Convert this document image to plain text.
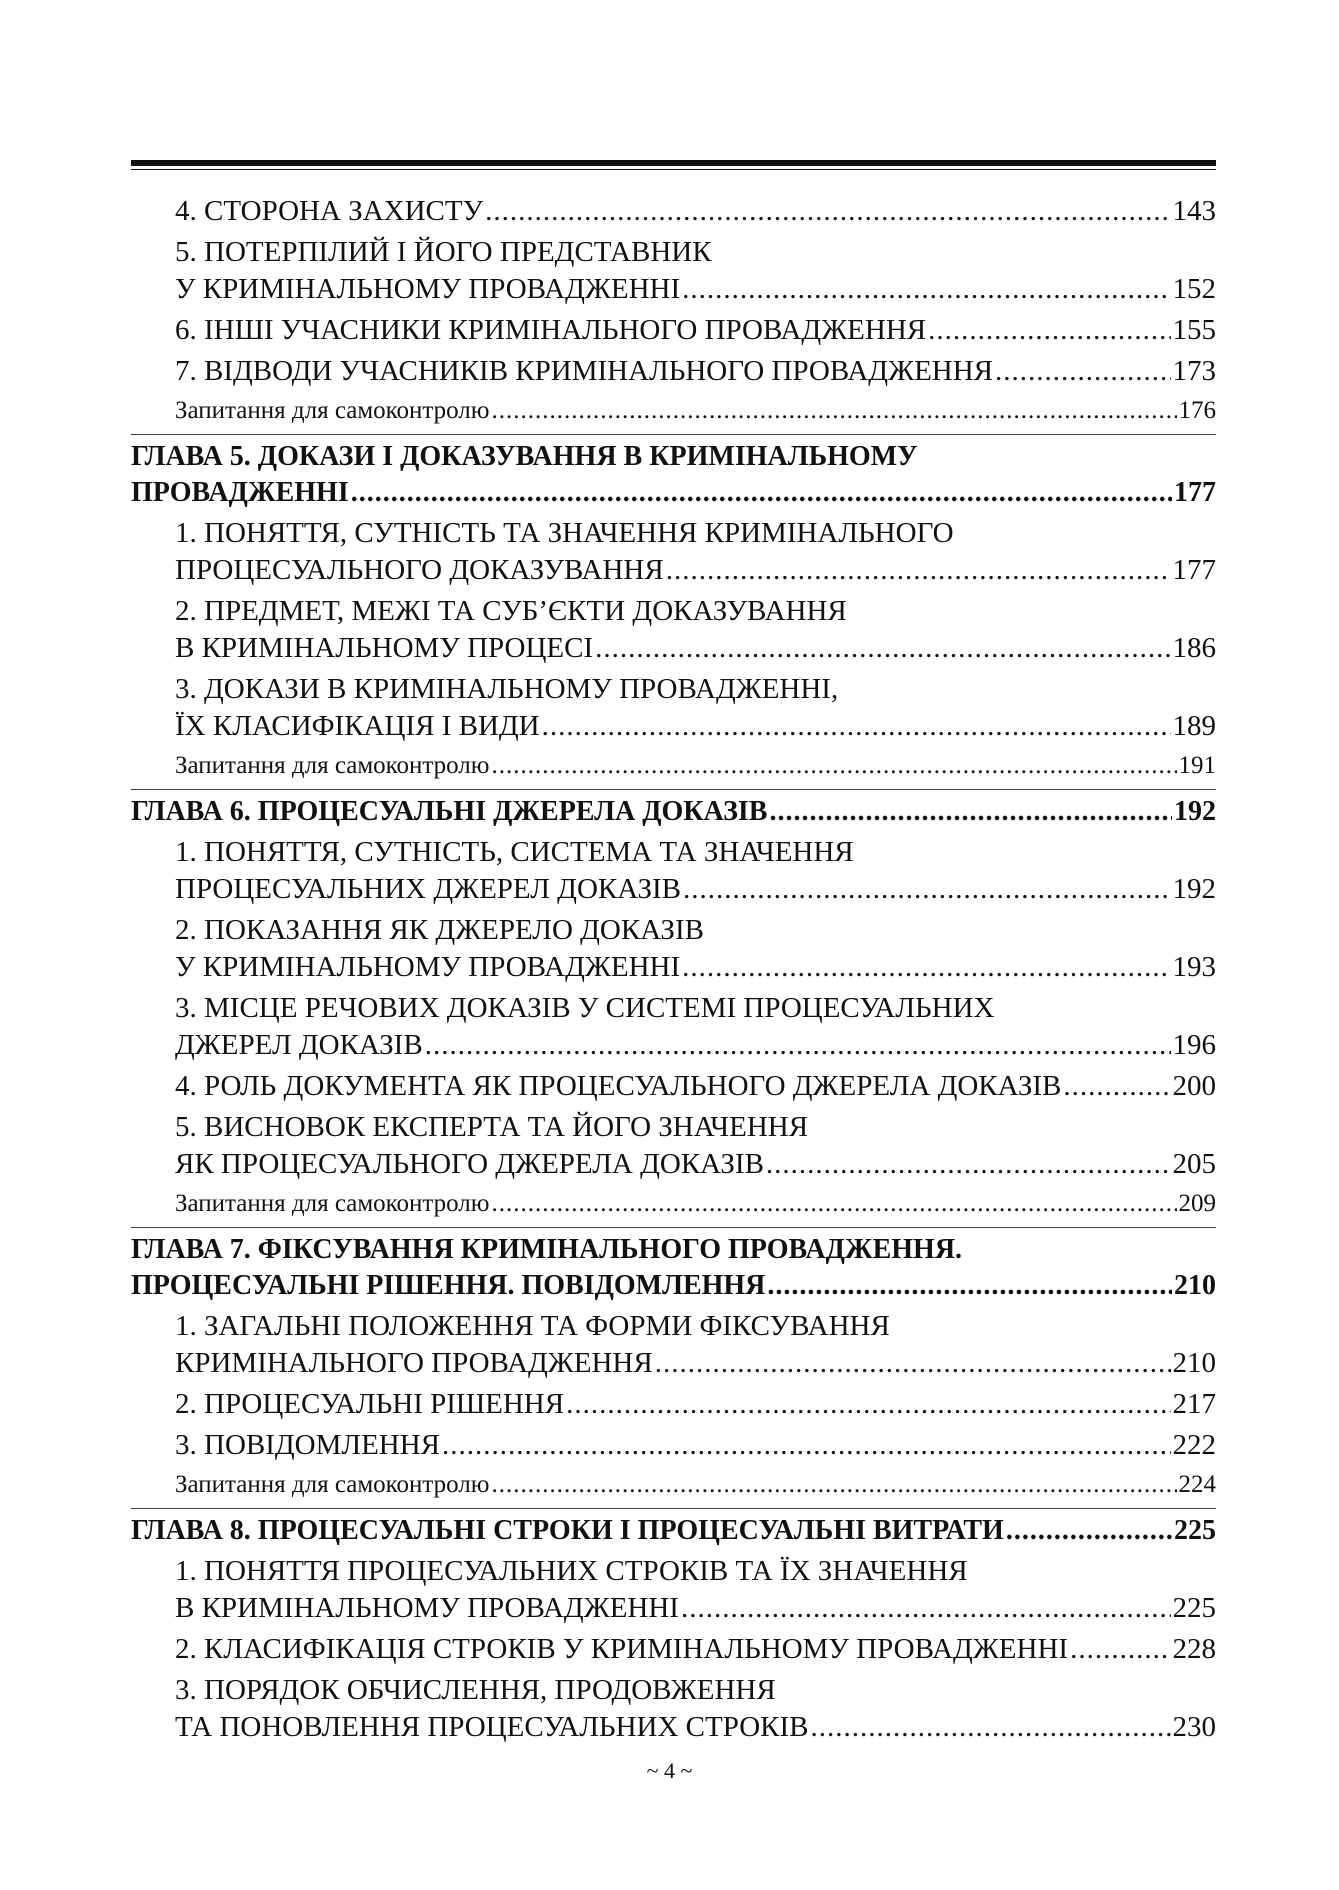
4. СТОРОНА ЗАХИСТУ .....	143
5. ПОТЕРПІЛИЙ І ЙОГО ПРЕДСТАВНИК
У КРИМІНАЛЬНОМУ ПРОВАДЖЕННІ .....	152
6. ІНШІ УЧАСНИКИ КРИМІНАЛЬНОГО ПРОВАДЖЕННЯ .....	155
7. ВІДВОДИ УЧАСНИКІВ КРИМІНАЛЬНОГО ПРОВАДЖЕННЯ .....	173
Запитання для самоконтролю .....	176
ГЛАВА 5. ДОКАЗИ І ДОКАЗУВАННЯ В КРИМІНАЛЬНОМУ
ПРОВАДЖЕННІ .....	177
1. ПОНЯТТЯ, СУТНІСТЬ ТА ЗНАЧЕННЯ КРИМІНАЛЬНОГО
ПРОЦЕСУАЛЬНОГО ДОКАЗУВАННЯ .....	177
2. ПРЕДМЕТ, МЕЖІ ТА СУБ’ЄКТИ ДОКАЗУВАННЯ
В КРИМІНАЛЬНОМУ ПРОЦЕСІ .....	186
3. ДОКАЗИ В КРИМІНАЛЬНОМУ ПРОВАДЖЕННІ,
ЇХ КЛАСИФІКАЦІЯ І ВИДИ .....	189
Запитання для самоконтролю .....	191
ГЛАВА 6. ПРОЦЕСУАЛЬНІ ДЖЕРЕЛА ДОКАЗІВ .....	192
1. ПОНЯТТЯ, СУТНІСТЬ, СИСТЕМА ТА ЗНАЧЕННЯ
ПРОЦЕСУАЛЬНИХ ДЖЕРЕЛ ДОКАЗІВ .....	192
2. ПОКАЗАННЯ ЯК ДЖЕРЕЛО ДОКАЗІВ
У КРИМІНАЛЬНОМУ ПРОВАДЖЕННІ .....	193
3. МІСЦЕ РЕЧОВИХ ДОКАЗІВ У СИСТЕМІ ПРОЦЕСУАЛЬНИХ
ДЖЕРЕЛ ДОКАЗІВ .....	196
4. РОЛЬ ДОКУМЕНТА ЯК ПРОЦЕСУАЛЬНОГО ДЖЕРЕЛА ДОКАЗІВ .....	200
5. ВИСНОВОК ЕКСПЕРТА ТА ЙОГО ЗНАЧЕННЯ
ЯК ПРОЦЕСУАЛЬНОГО ДЖЕРЕЛА ДОКАЗІВ .....	205
Запитання для самоконтролю .....	209
ГЛАВА 7. ФІКСУВАННЯ КРИМІНАЛЬНОГО ПРОВАДЖЕННЯ.
ПРОЦЕСУАЛЬНІ РІШЕННЯ. ПОВІДОМЛЕННЯ .....	210
1. ЗАГАЛЬНІ ПОЛОЖЕННЯ ТА ФОРМИ ФІКСУВАННЯ
КРИМІНАЛЬНОГО ПРОВАДЖЕННЯ .....	210
2. ПРОЦЕСУАЛЬНІ РІШЕННЯ .....	217
3. ПОВІДОМЛЕННЯ .....	222
Запитання для самоконтролю .....	224
ГЛАВА 8. ПРОЦЕСУАЛЬНІ СТРОКИ І ПРОЦЕСУАЛЬНІ ВИТРАТИ .....	225
1. ПОНЯТТЯ ПРОЦЕСУАЛЬНИХ СТРОКІВ ТА ЇХ ЗНАЧЕННЯ
В КРИМІНАЛЬНОМУ ПРОВАДЖЕННІ .....	225
2. КЛАСИФІКАЦІЯ СТРОКІВ У КРИМІНАЛЬНОМУ ПРОВАДЖЕННІ .....	228
3. ПОРЯДОК ОБЧИСЛЕННЯ, ПРОДОВЖЕННЯ
ТА ПОНОВЛЕННЯ ПРОЦЕСУАЛЬНИХ СТРОКІВ .....	230
~ 4 ~
